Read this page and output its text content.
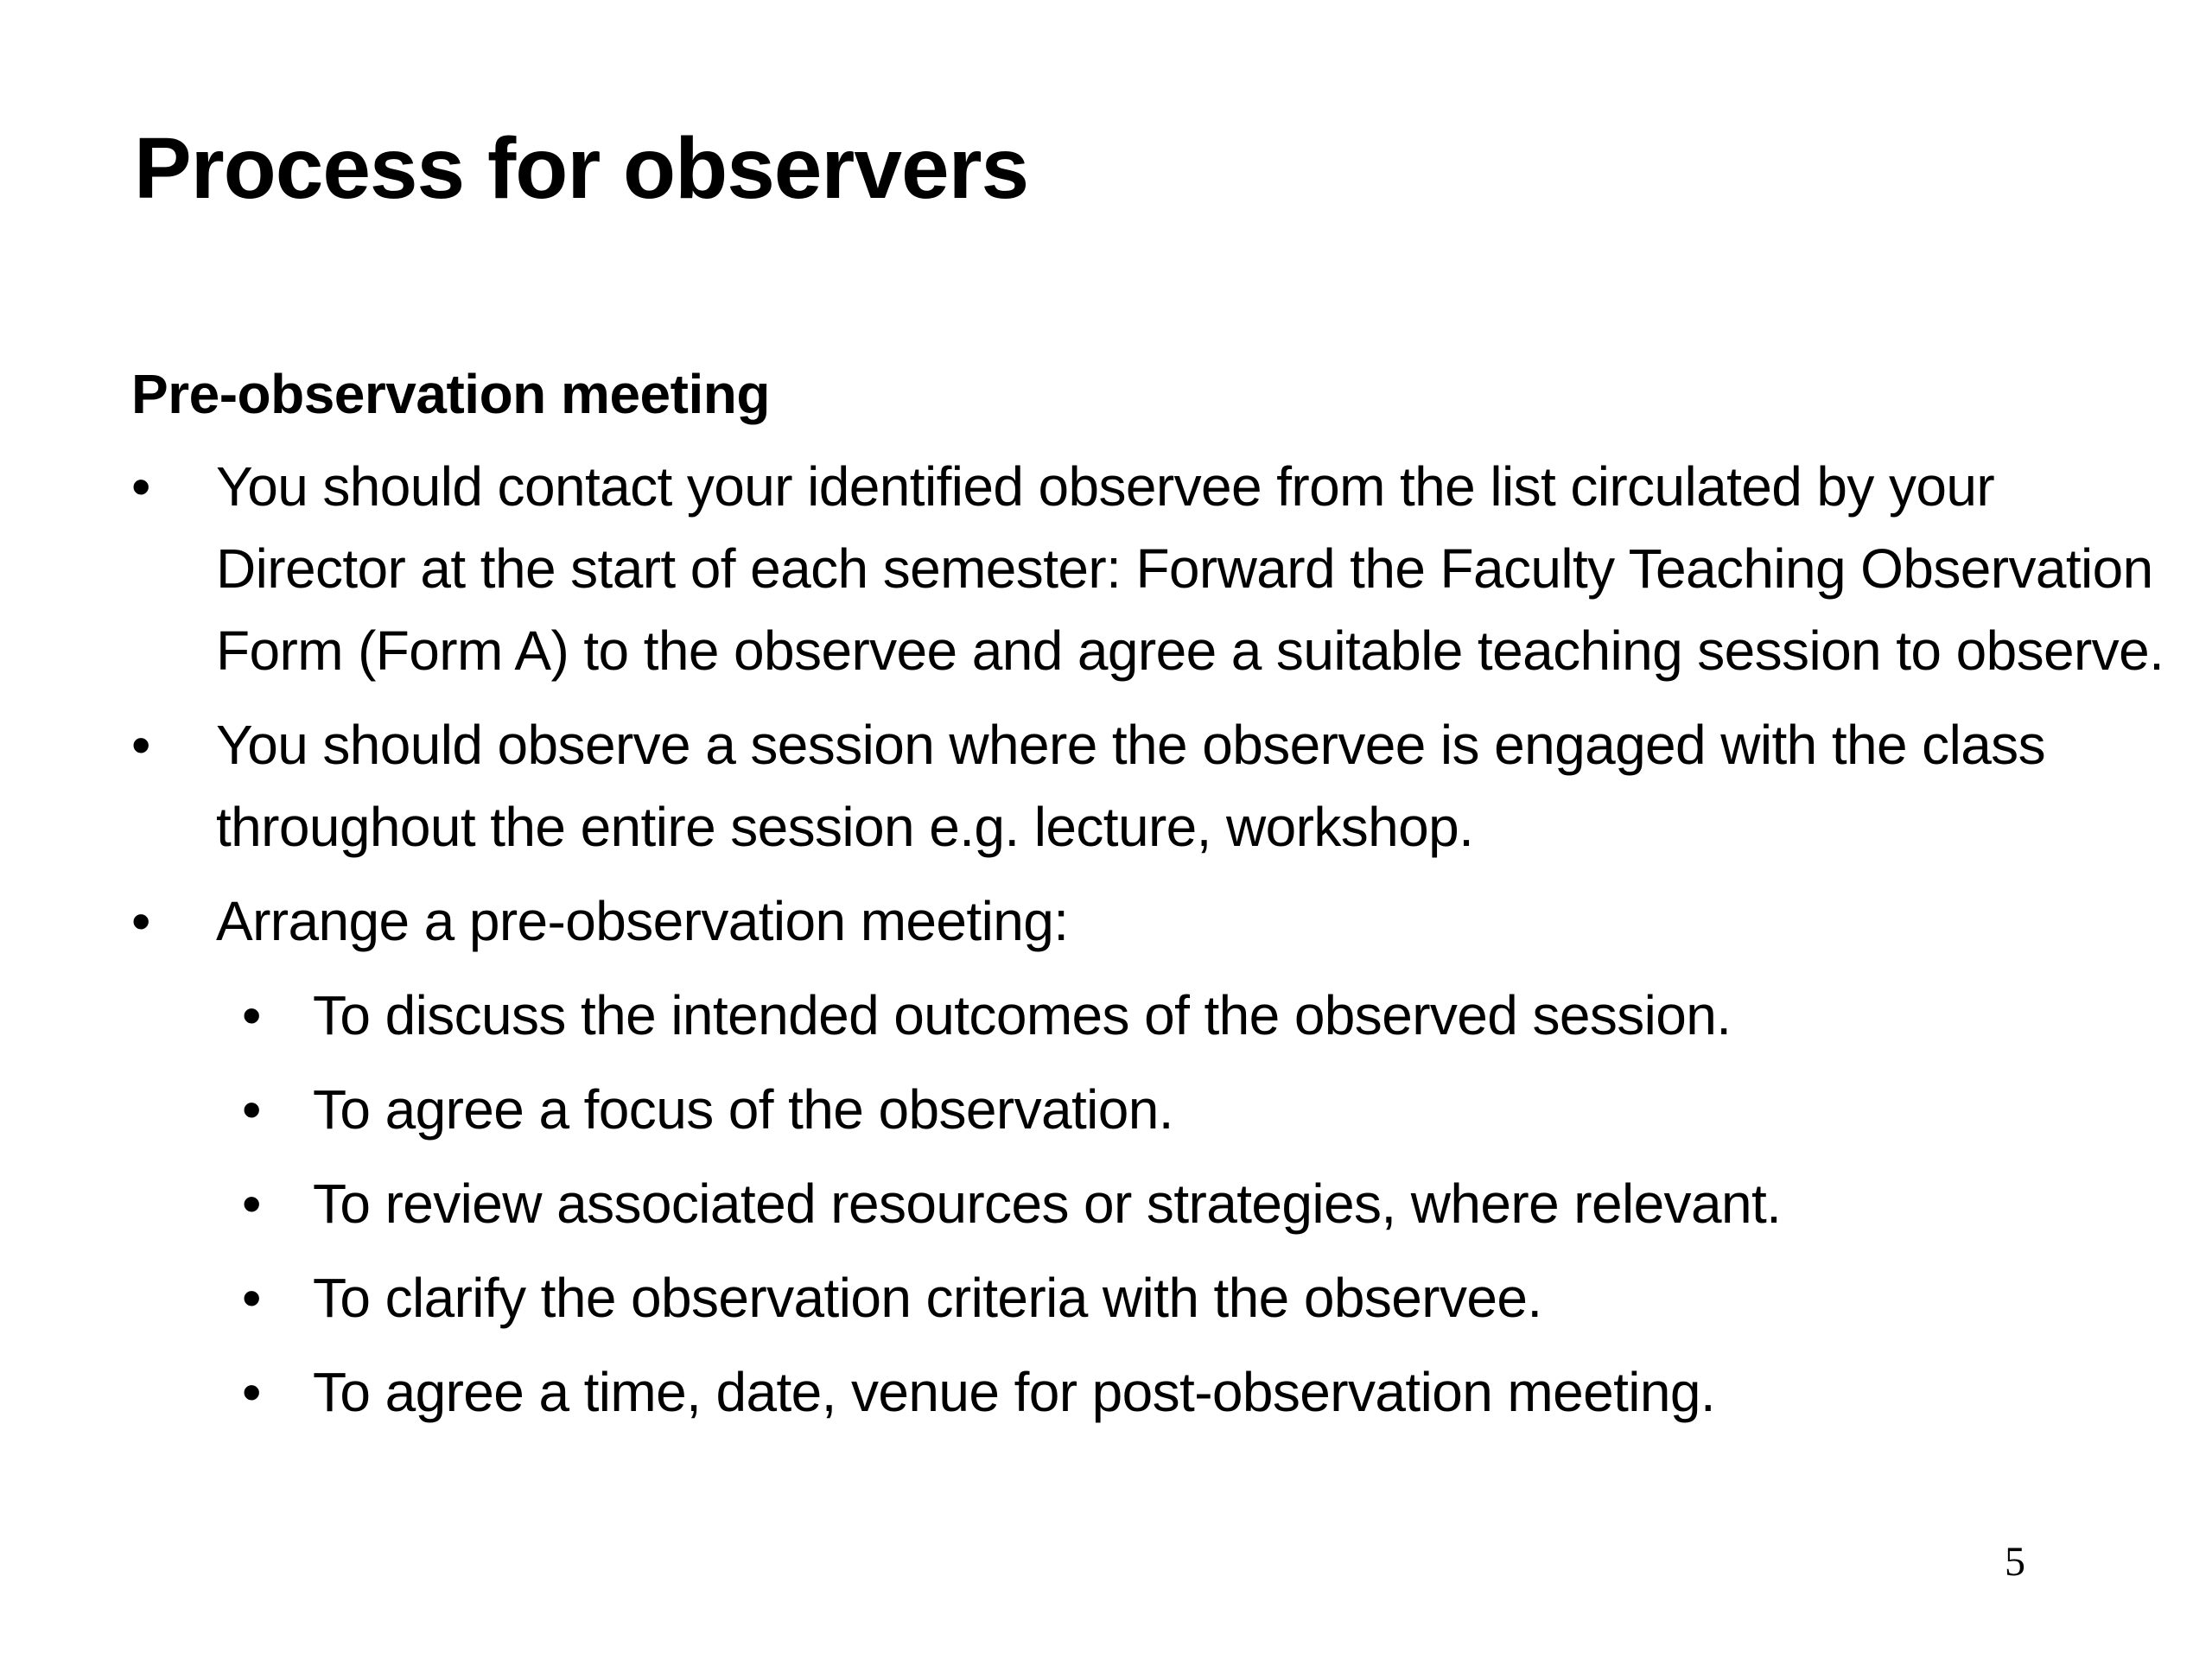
Process for observers
Pre-observation meeting
•	You should contact your identified observee from the list circulated by your Director at the start of each semester: Forward the Faculty Teaching Observation Form (Form A) to the observee and agree a suitable teaching session to observe.
•	You should observe a session where the observee is engaged with the class throughout the entire session e.g. lecture, workshop.
•	Arrange a pre-observation meeting:
• To discuss the intended outcomes of the observed session.
• To agree a focus of the observation.
• To review associated resources or strategies, where relevant.
• To clarify the observation criteria with the observee.
• To agree a time, date, venue for post-observation meeting.
5
